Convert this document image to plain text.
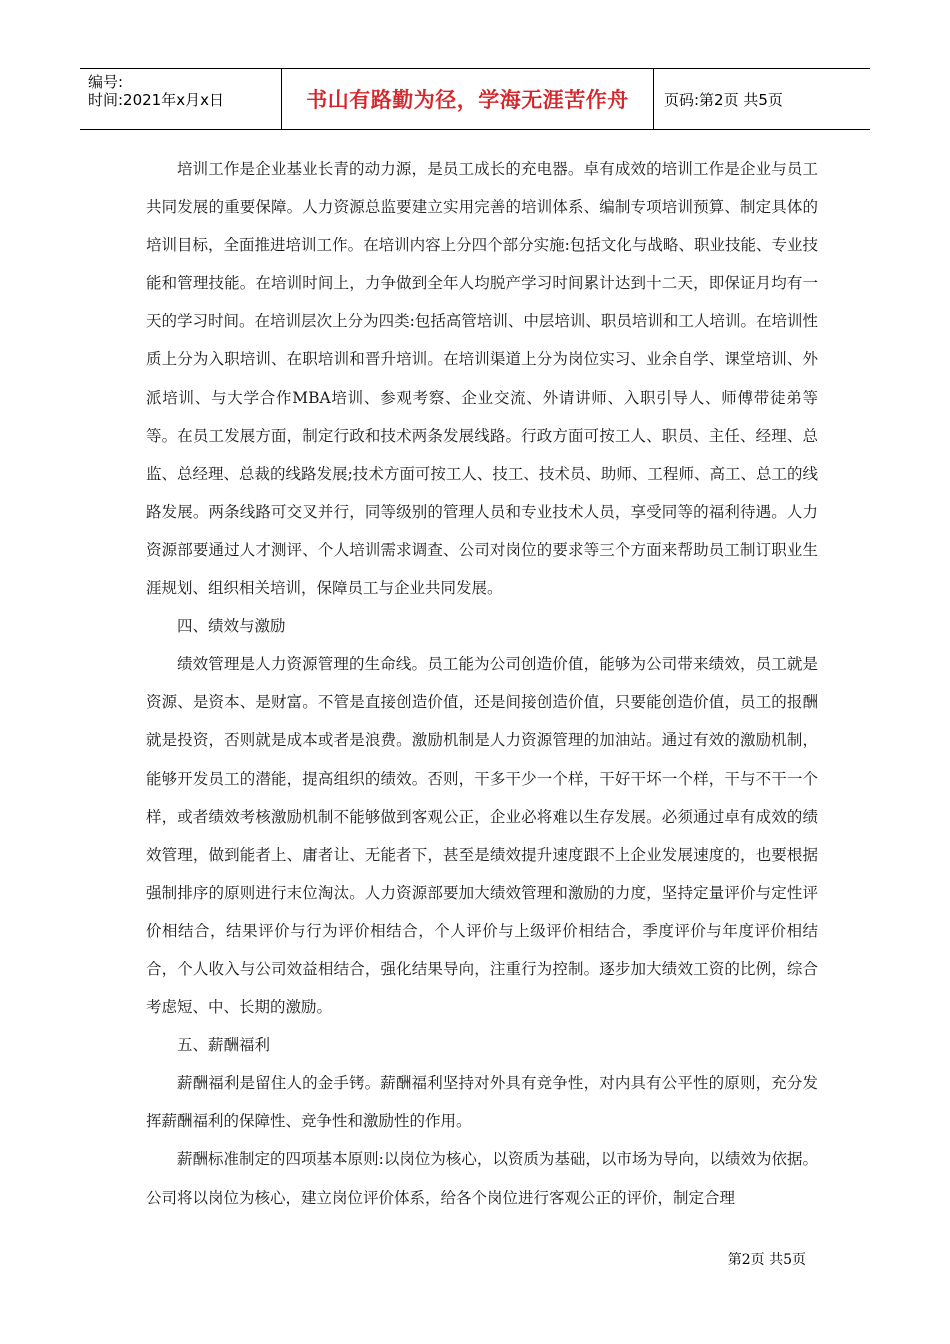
编号:
时间:2021年x月x日	书山有路勤为径，学海无涯苦作舟	页码:第2页 共5页

培训工作是企业基业长青的动力源，是员工成长的充电器。卓有成效的培训工作是企业与员工共同发展的重要保障。人力资源总监要建立实用完善的培训体系、编制专项培训预算、制定具体的培训目标，全面推进培训工作。在培训内容上分四个部分实施:包括文化与战略、职业技能、专业技能和管理技能。在培训时间上，力争做到全年人均脱产学习时间累计达到十二天，即保证月均有一天的学习时间。在培训层次上分为四类:包括高管培训、中层培训、职员培训和工人培训。在培训性质上分为入职培训、在职培训和晋升培训。在培训渠道上分为岗位实习、业余自学、课堂培训、外派培训、与大学合作MBA培训、参观考察、企业交流、外请讲师、入职引导人、师傅带徒弟等等。在员工发展方面，制定行政和技术两条发展线路。行政方面可按工人、职员、主任、经理、总监、总经理、总裁的线路发展;技术方面可按工人、技工、技术员、助师、工程师、高工、总工的线路发展。两条线路可交叉并行，同等级别的管理人员和专业技术人员，享受同等的福利待遇。人力资源部要通过人才测评、个人培训需求调查、公司对岗位的要求等三个方面来帮助员工制订职业生涯规划、组织相关培训，保障员工与企业共同发展。

四、绩效与激励

绩效管理是人力资源管理的生命线。员工能为公司创造价值，能够为公司带来绩效，员工就是资源、是资本、是财富。不管是直接创造价值，还是间接创造价值，只要能创造价值，员工的报酬就是投资，否则就是成本或者是浪费。激励机制是人力资源管理的加油站。通过有效的激励机制，能够开发员工的潜能，提高组织的绩效。否则，干多干少一个样，干好干坏一个样，干与不干一个样，或者绩效考核激励机制不能够做到客观公正，企业必将难以生存发展。必须通过卓有成效的绩效管理，做到能者上、庸者让、无能者下，甚至是绩效提升速度跟不上企业发展速度的，也要根据强制排序的原则进行末位淘汰。人力资源部要加大绩效管理和激励的力度，坚持定量评价与定性评价相结合，结果评价与行为评价相结合，个人评价与上级评价相结合，季度评价与年度评价相结合，个人收入与公司效益相结合，强化结果导向，注重行为控制。逐步加大绩效工资的比例，综合考虑短、中、长期的激励。

五、薪酬福利

薪酬福利是留住人的金手铐。薪酬福利坚持对外具有竞争性，对内具有公平性的原则，充分发挥薪酬福利的保障性、竞争性和激励性的作用。

薪酬标准制定的四项基本原则:以岗位为核心，以资质为基础，以市场为导向，以绩效为依据。公司将以岗位为核心，建立岗位评价体系，给各个岗位进行客观公正的评价，制定合理

第2页 共5页
